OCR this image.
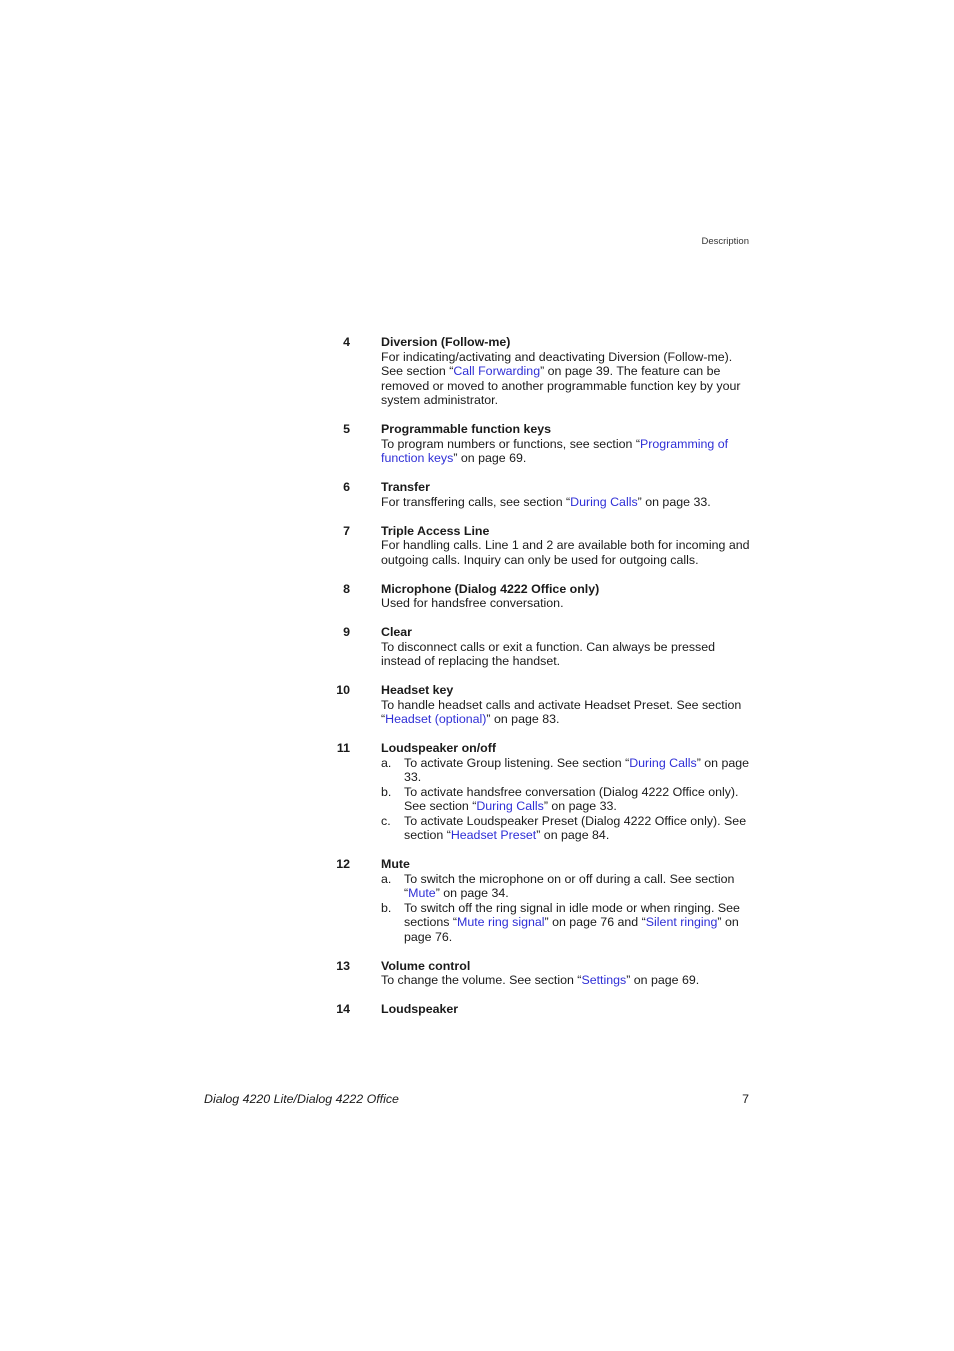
Description
4	Diversion (Follow-me)
For indicating/activating and deactivating Diversion (Follow-me). See section “Call Forwarding” on page 39. The feature can be removed or moved to another programmable function key by your system administrator.
5	Programmable function keys
To program numbers or functions, see section “Programming of function keys” on page 69.
6	Transfer
For transffering calls, see section “During Calls” on page 33.
7	Triple Access Line
For handling calls. Line 1 and 2 are available both for incoming and outgoing calls. Inquiry can only be used for outgoing calls.
8	Microphone (Dialog 4222 Office only)
Used for handsfree conversation.
9	Clear
To disconnect calls or exit a function. Can always be pressed instead of replacing the handset.
10	Headset key
To handle headset calls and activate Headset Preset. See section “Headset (optional)” on page 83.
11	Loudspeaker on/off
a.	To activate Group listening. See section “During Calls” on page 33.
b.	To activate handsfree conversation (Dialog 4222 Office only). See section “During Calls” on page 33.
c.	To activate Loudspeaker Preset (Dialog 4222 Office only). See section “Headset Preset” on page 84.
12	Mute
a.	To switch the microphone on or off during a call. See section “Mute” on page 34.
b.	To switch off the ring signal in idle mode or when ringing. See sections “Mute ring signal” on page 76 and “Silent ringing” on page 76.
13	Volume control
To change the volume. See section “Settings” on page 69.
14	Loudspeaker
Dialog 4220 Lite/Dialog 4222 Office	7
